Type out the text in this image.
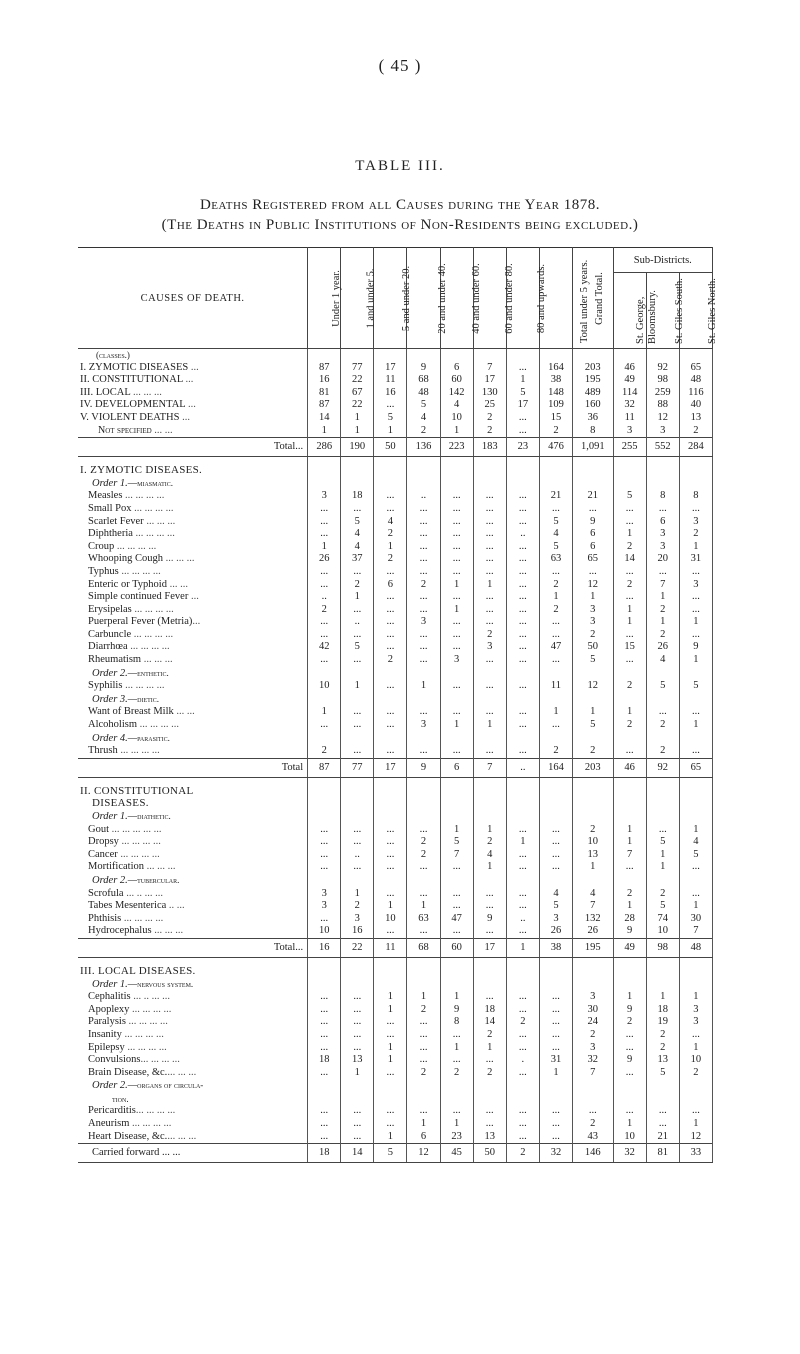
( 45 )
TABLE III.
Deaths Registered from all Causes during the Year 1878.
(The Deaths in Public Institutions of Non-Residents being excluded.)
CAUSES OF DEATH.	Under 1 year.	1 and under 5.	5 and under 20.	20 and under 40.	40 and under 60.	60 and under 80.	80 and upwards.	Total under 5 years.	Grand Total.	Sub-Districts.		
										St. George, Bloomsbury.	St. Giles South.	St. Giles North.
(classes.)												
I. ZYMOTIC DISEASES ...	87	77	17	9	6	7	...	164	203	46	92	65
II. CONSTITUTIONAL ...	16	22	11	68	60	17	1	38	195	49	98	48
III. LOCAL ... ... ...	81	67	16	48	142	130	5	148	489	114	259	116
IV. DEVELOPMENTAL ...	87	22	...	5	4	25	17	109	160	32	88	40
V. VIOLENT DEATHS ...	14	1	5	4	10	2	...	15	36	11	12	13
Not specified ... ...	1	1	1	2	1	2	...	2	8	3	3	2
Total...	286	190	50	136	223	183	23	476	1,091	255	552	284

I. ZYMOTIC DISEASES.												
Order 1.—miasmatic.												
Measles ... ... ... ...	3	18	...	..	...	...	...	21	21	5	8	8
Small Pox ... ... ... ...	...	...	...	...	...	...	...	...	...	...	...	...
Scarlet Fever ... ... ...	...	5	4	...	...	...	...	5	9	...	6	3
Diphtheria ... ... ... ...	...	4	2	...	...	...	..	4	6	1	3	2
Croup ... ... ... ...	1	4	1	...	...	...	...	5	6	2	3	1
Whooping Cough ... ... ...	26	37	2	...	...	...	...	63	65	14	20	31
Typhus ... ... ... ...	...	...	...	...	...	...	...	...	...	...	...	...
Enteric or Typhoid ... ...	...	2	6	2	1	1	...	2	12	2	7	3
Simple continued Fever ...	..	1	...	...	...	...	...	1	1	...	1	...
Erysipelas ... ... ... ...	2	...	...	...	1	...	...	2	3	1	2	...
Puerperal Fever (Metria)...	...	..	...	3	...	...	...	...	3	1	1	1
Carbuncle ... ... ... ...	...	...	...	...	...	2	...	...	2	...	2	...
Diarrhœa ... ... ... ...	42	5	...	...	...	3	...	47	50	15	26	9
Rheumatism ... ... ...	...	...	2	...	3	...	...	...	5	...	4	1
Order 2.—enthetic.												
Syphilis ... ... ... ...	10	1	...	1	...	...	...	11	12	2	5	5
Order 3.—dietic.												
Want of Breast Milk ... ...	1	...	...	...	...	...	...	1	1	1	...	...
Alcoholism ... ... ... ...	...	...	...	3	1	1	...	...	5	2	2	1
Order 4.—parasitic.												
Thrush ... ... ... ...	2	...	...	...	...	...	...	2	2	...	2	...
Total	87	77	17	9	6	7	..	164	203	46	92	65

II. CONSTITUTIONAL												
DISEASES.												
Order 1.—diathetic.												
Gout ... ... ... ... ...	...	...	...	...	1	1	...	...	2	1	...	1
Dropsy ... ... ... ...	...	...	...	2	5	2	1	...	10	1	5	4
Cancer ... ... ... ...	...	..	...	2	7	4	...	...	13	7	1	5
Mortification ... ... ...	...	...	...	...	...	1	...	...	1	...	1	...
Order 2.—tubercular.												
Scrofula ... .. ... ...	3	1	...	...	...	...	...	4	4	2	2	...
Tabes Mesenterica .. ...	3	2	1	1	...	...	...	5	7	1	5	1
Phthisis ... ... ... ...	...	3	10	63	47	9	..	3	132	28	74	30
Hydrocephalus ... ... ...	10	16	...	...	...	...	...	26	26	9	10	7
Total...	16	22	11	68	60	17	1	38	195	49	98	48

III. LOCAL DISEASES.												
Order 1.—nervous system.												
Cephalitis ... .. ... ...	...	...	1	1	1	...	...	...	3	1	1	1
Apoplexy ... ... ... ...	...	...	1	2	9	18	...	...	30	9	18	3
Paralysis ... ... ... ...	...	...	...	...	8	14	2	...	24	2	19	3
Insanity ... ... ... ...	...	...	...	...	...	2	...	...	2	...	2	...
Epilepsy ... ... ... ...	...	...	1	...	1	1	...	...	3	...	2	1
Convulsions... ... ... ...	18	13	1	...	...	...	.	31	32	9	13	10
Brain Disease, &c.... ... ...	...	1	...	2	2	2	...	1	7	...	5	2
Order 2.—organs of circula-												
tion.												
Pericarditis... ... ... ...	...	...	...	...	...	...	...	...	...	...	...	...
Aneurism ... ... ... ...	...	...	...	1	1	...	...	...	2	1	...	1
Heart Disease, &c.... ... ...	...	...	1	6	23	13	...	...	43	10	21	12
Carried forward ... ...	18	14	5	12	45	50	2	32	146	32	81	33
